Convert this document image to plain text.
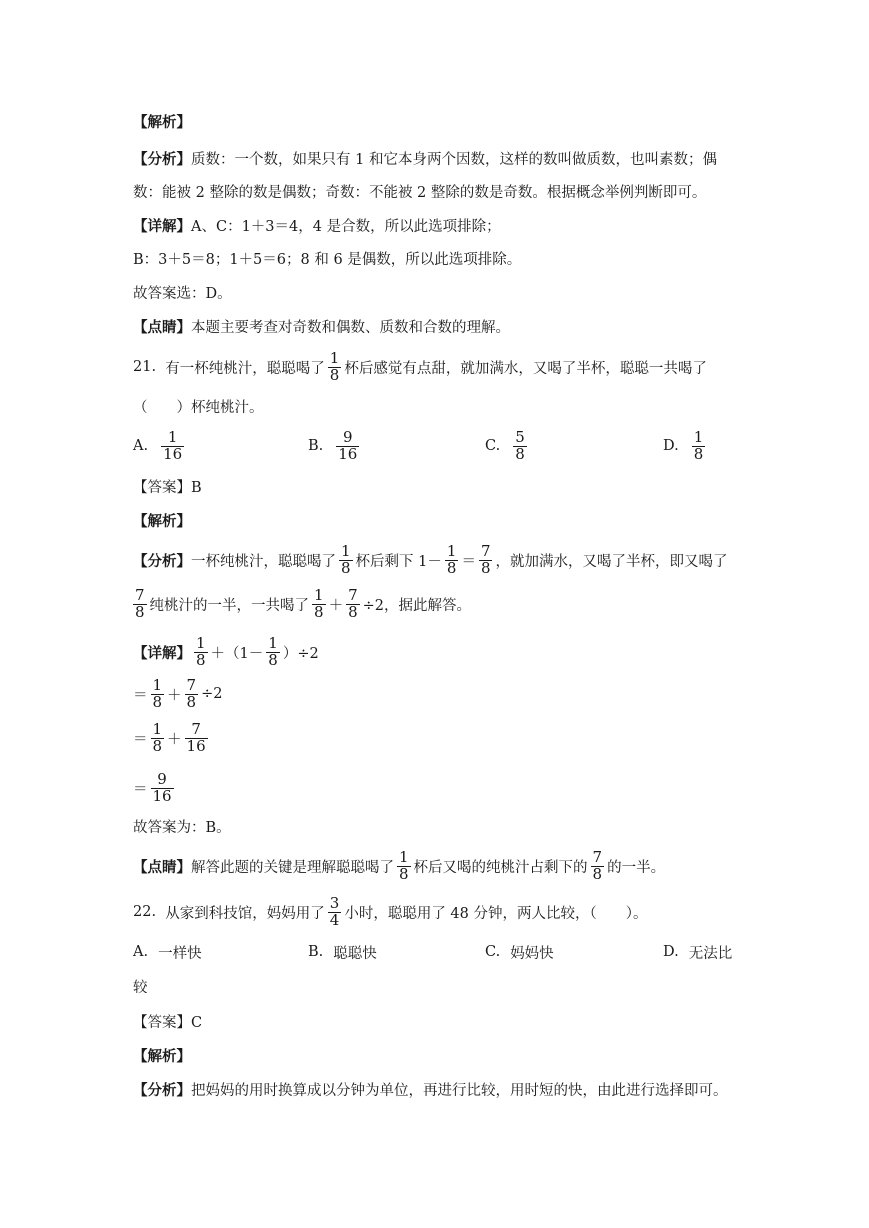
【解析】
【分析】 质数：一个数，如果只有 1 和它本身两个因数，这样的数叫做质数，也叫素数；偶
数：能被 2 整除的数是偶数；奇数：不能被 2 整除的数是奇数。根据概念举例判断即可。
【详解】 A、C：1＋3＝4，4 是合数，所以此选项排除；
B：3＋5＝8；1＋5＝6；8 和 6 是偶数，所以此选项排除。
故答案选：D。
【点睛】 本题主要考查对奇数和偶数、质数和合数的理解。
21.
有一杯纯桃汁，聪聪喝了 $\frac{1}{8}$ 杯后感觉有点甜，就加满水，又喝了半杯，聪聪一共喝了
（　　）杯纯桃汁。
A. $\frac{1}{16}$	B. $\frac{9}{16}$	C. $\frac{5}{8}$	D. $\frac{1}{8}$
【答案】B
【解析】
【分析】 一杯纯桃汁，聪聪喝了 $\frac{1}{8}$ 杯后剩下 $1- \frac{1}{8} = \frac{7}{8}$ ，就加满水，又喝了半杯，即又喝了
$\frac{7}{8}$ 纯桃汁的一半，一共喝了 $\frac{1}{8} + \frac{7}{8} \div 2$，据此解答。
【详解】 $\frac{1}{8} +(1- \frac{1}{8} )\div 2$
＝ $\frac{1}{8} + \frac{7}{8} \div 2$
＝ $\frac{1}{8} + \frac{7}{16}$
＝ $\frac{9}{16}$
故答案为：B。
【点睛】 解答此题的关键是理解聪聪喝了 $\frac{1}{8}$ 杯后又喝的纯桃汁占剩下的 $\frac{7}{8}$ 的一半。
22.
从家到科技馆，妈妈用了 $\frac{3}{4}$ 小时，聪聪用了 48 分钟，两人比较，（　　）。
A. 一样快	B. 聪聪快	C. 妈妈快	D. 无法比
较
【答案】C
【解析】
【分析】 把妈妈的用时换算成以分钟为单位，再进行比较，用时短的快，由此进行选择即可。
